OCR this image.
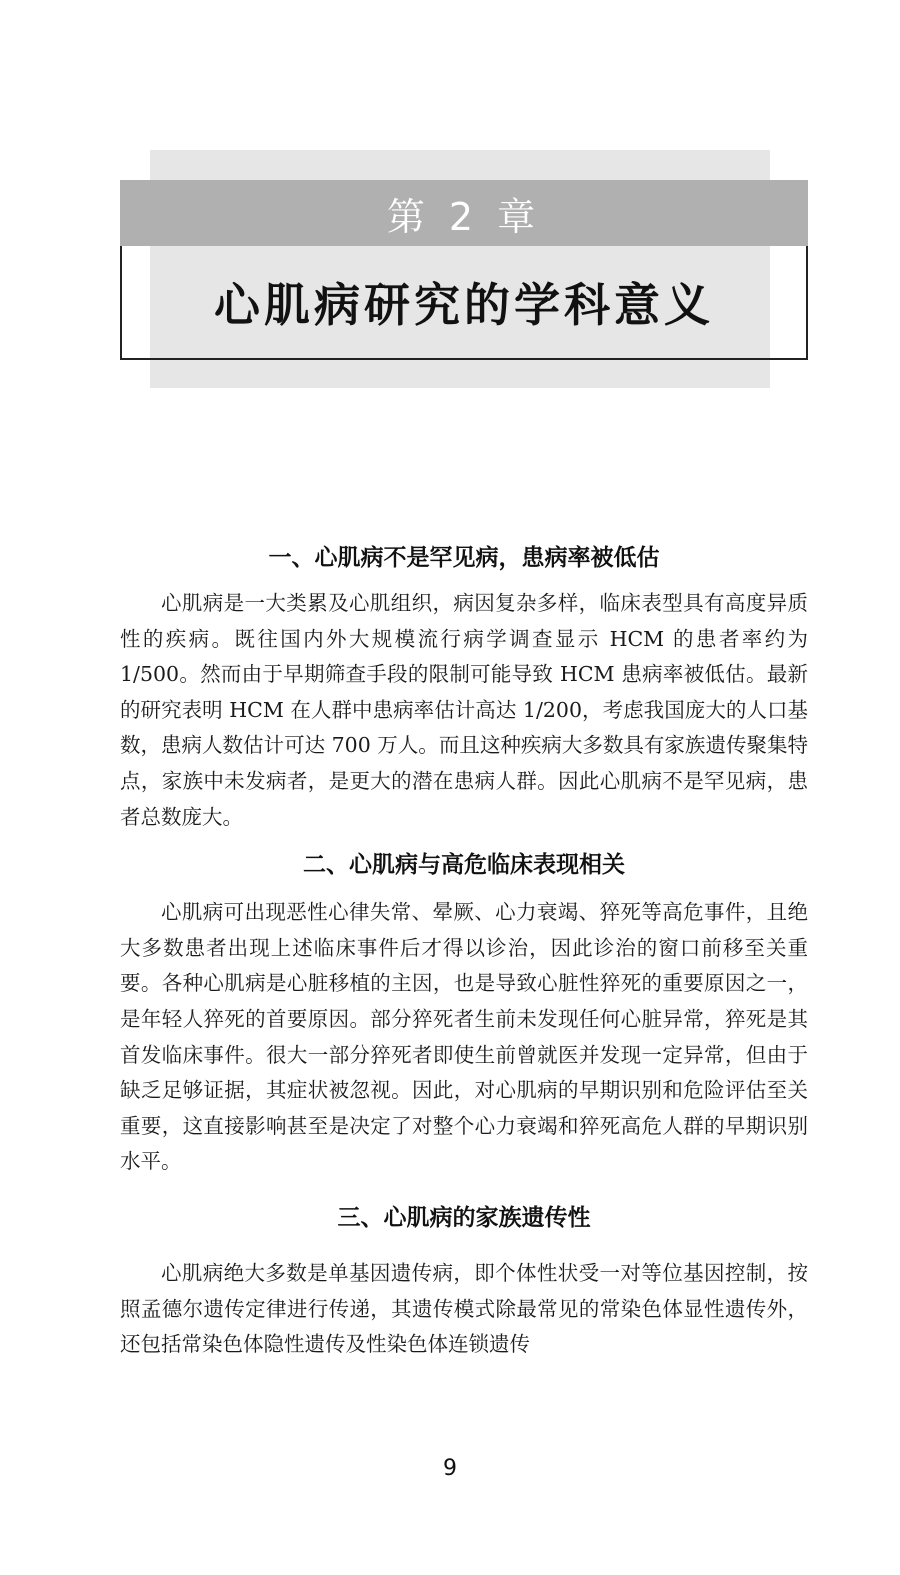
第 2 章
心肌病研究的学科意义
一、心肌病不是罕见病，患病率被低估

心肌病是一大类累及心肌组织，病因复杂多样，临床表型具有高度异质性的疾病。既往国内外大规模流行病学调查显示 HCM 的患者率约为 1/500。然而由于早期筛查手段的限制可能导致 HCM 患病率被低估。最新的研究表明 HCM 在人群中患病率估计高达 1/200，考虑我国庞大的人口基数，患病人数估计可达 700 万人。而且这种疾病大多数具有家族遗传聚集特点，家族中未发病者，是更大的潜在患病人群。因此心肌病不是罕见病，患者总数庞大。

二、心肌病与高危临床表现相关

心肌病可出现恶性心律失常、晕厥、心力衰竭、猝死等高危事件，且绝大多数患者出现上述临床事件后才得以诊治，因此诊治的窗口前移至关重要。各种心肌病是心脏移植的主因，也是导致心脏性猝死的重要原因之一，是年轻人猝死的首要原因。部分猝死者生前未发现任何心脏异常，猝死是其首发临床事件。很大一部分猝死者即使生前曾就医并发现一定异常，但由于缺乏足够证据，其症状被忽视。因此，对心肌病的早期识别和危险评估至关重要，这直接影响甚至是决定了对整个心力衰竭和猝死高危人群的早期识别水平。

三、心肌病的家族遗传性

心肌病绝大多数是单基因遗传病，即个体性状受一对等位基因控制，按照孟德尔遗传定律进行传递，其遗传模式除最常见的常染色体显性遗传外，还包括常染色体隐性遗传及性染色体连锁遗传

9
